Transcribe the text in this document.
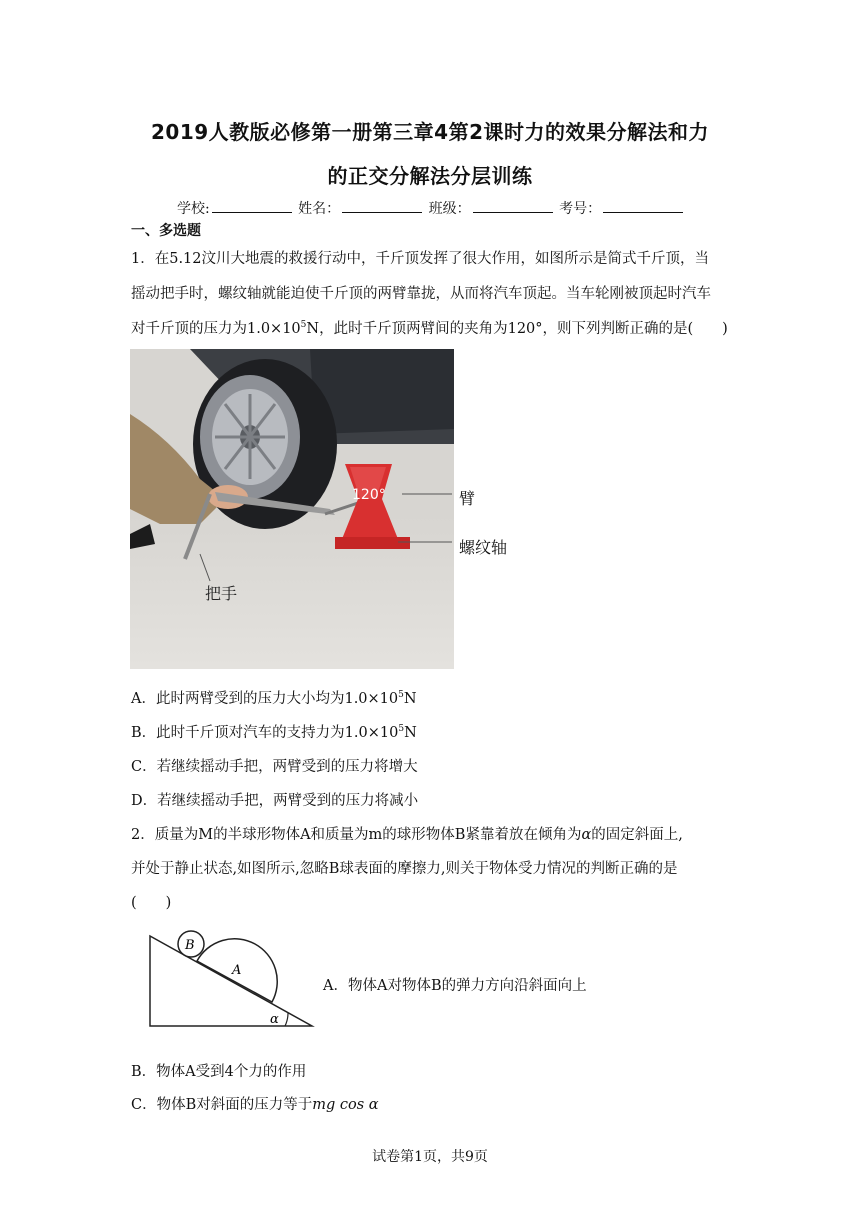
2019人教版必修第一册第三章4第2课时力的效果分解法和力
的正交分解法分层训练
学校:	姓名：	班级：	考号：
一、多选题
1．在5.12汶川大地震的救援行动中，千斤顶发挥了很大作用，如图所示是简式千斤顶，当
摇动把手时，螺纹轴就能迫使千斤顶的两臂靠拢，从而将汽车顶起。当车轮刚被顶起时汽车
对千斤顶的压力为$1.0\times 10^5N$，此时千斤顶两臂间的夹角为120°，则下列判断正确的是(　　)
120°
把手
臂
螺纹轴
A．此时两臂受到的压力大小均为$1.0\times 10^5N$
B．此时千斤顶对汽车的支持力为$1.0\times 10^5N$
C．若继续摇动手把，两臂受到的压力将增大
D．若继续摇动手把，两臂受到的压力将减小
2．质量为M的半球形物体A和质量为m的球形物体B紧靠着放在倾角为α的固定斜面上,
并处于静止状态,如图所示,忽略B球表面的摩擦力,则关于物体受力情况的判断正确的是
(　　)
B
A
α
A．物体A对物体B的弹力方向沿斜面向上
B．物体A受到4个力的作用
C．物体B对斜面的压力等于mg cos α
试卷第1页，共9页
